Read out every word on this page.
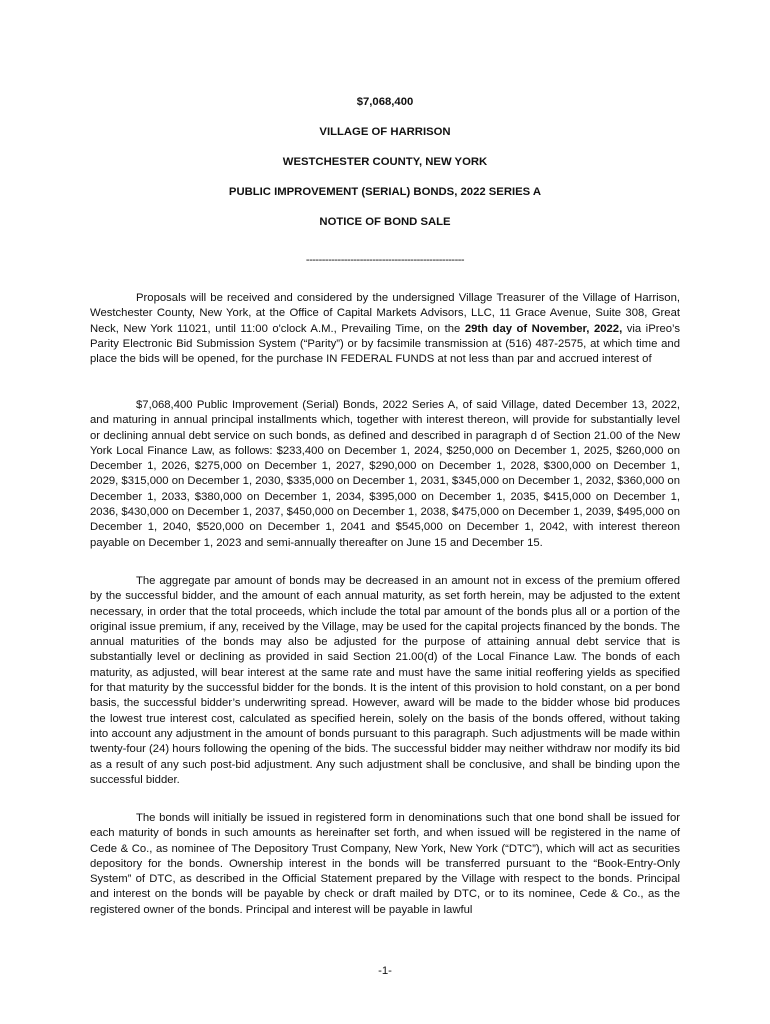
$7,068,400
VILLAGE OF HARRISON
WESTCHESTER COUNTY, NEW YORK
PUBLIC IMPROVEMENT (SERIAL) BONDS, 2022 SERIES A
NOTICE OF BOND SALE
--------------------------------------------------

Proposals will be received and considered by the undersigned Village Treasurer of the Village of Harrison, Westchester County, New York, at the Office of Capital Markets Advisors, LLC, 11 Grace Avenue, Suite 308, Great Neck, New York 11021, until 11:00 o'clock A.M., Prevailing Time, on the 29th day of November, 2022, via iPreo’s Parity Electronic Bid Submission System (“Parity”) or by facsimile transmission at (516) 487-2575, at which time and place the bids will be opened, for the purchase IN FEDERAL FUNDS at not less than par and accrued interest of

$7,068,400 Public Improvement (Serial) Bonds, 2022 Series A, of said Village, dated December 13, 2022, and maturing in annual principal installments which, together with interest thereon, will provide for substantially level or declining annual debt service on such bonds, as defined and described in paragraph d of Section 21.00 of the New York Local Finance Law, as follows: $233,400 on December 1, 2024, $250,000 on December 1, 2025, $260,000 on December 1, 2026, $275,000 on December 1, 2027, $290,000 on December 1, 2028, $300,000 on December 1, 2029, $315,000 on December 1, 2030, $335,000 on December 1, 2031, $345,000 on December 1, 2032, $360,000 on December 1, 2033, $380,000 on December 1, 2034, $395,000 on December 1, 2035, $415,000 on December 1, 2036, $430,000 on December 1, 2037, $450,000 on December 1, 2038, $475,000 on December 1, 2039, $495,000 on December 1, 2040, $520,000 on December 1, 2041 and $545,000 on December 1, 2042, with interest thereon payable on December 1, 2023 and semi-annually thereafter on June 15 and December 15.

The aggregate par amount of bonds may be decreased in an amount not in excess of the premium offered by the successful bidder, and the amount of each annual maturity, as set forth herein, may be adjusted to the extent necessary, in order that the total proceeds, which include the total par amount of the bonds plus all or a portion of the original issue premium, if any, received by the Village, may be used for the capital projects financed by the bonds. The annual maturities of the bonds may also be adjusted for the purpose of attaining annual debt service that is substantially level or declining as provided in said Section 21.00(d) of the Local Finance Law. The bonds of each maturity, as adjusted, will bear interest at the same rate and must have the same initial reoffering yields as specified for that maturity by the successful bidder for the bonds. It is the intent of this provision to hold constant, on a per bond basis, the successful bidder’s underwriting spread. However, award will be made to the bidder whose bid produces the lowest true interest cost, calculated as specified herein, solely on the basis of the bonds offered, without taking into account any adjustment in the amount of bonds pursuant to this paragraph. Such adjustments will be made within twenty-four (24) hours following the opening of the bids. The successful bidder may neither withdraw nor modify its bid as a result of any such post-bid adjustment. Any such adjustment shall be conclusive, and shall be binding upon the successful bidder.

The bonds will initially be issued in registered form in denominations such that one bond shall be issued for each maturity of bonds in such amounts as hereinafter set forth, and when issued will be registered in the name of Cede & Co., as nominee of The Depository Trust Company, New York, New York (“DTC”), which will act as securities depository for the bonds. Ownership interest in the bonds will be transferred pursuant to the “Book-Entry-Only System” of DTC, as described in the Official Statement prepared by the Village with respect to the bonds. Principal and interest on the bonds will be payable by check or draft mailed by DTC, or to its nominee, Cede & Co., as the registered owner of the bonds. Principal and interest will be payable in lawful

-1-
